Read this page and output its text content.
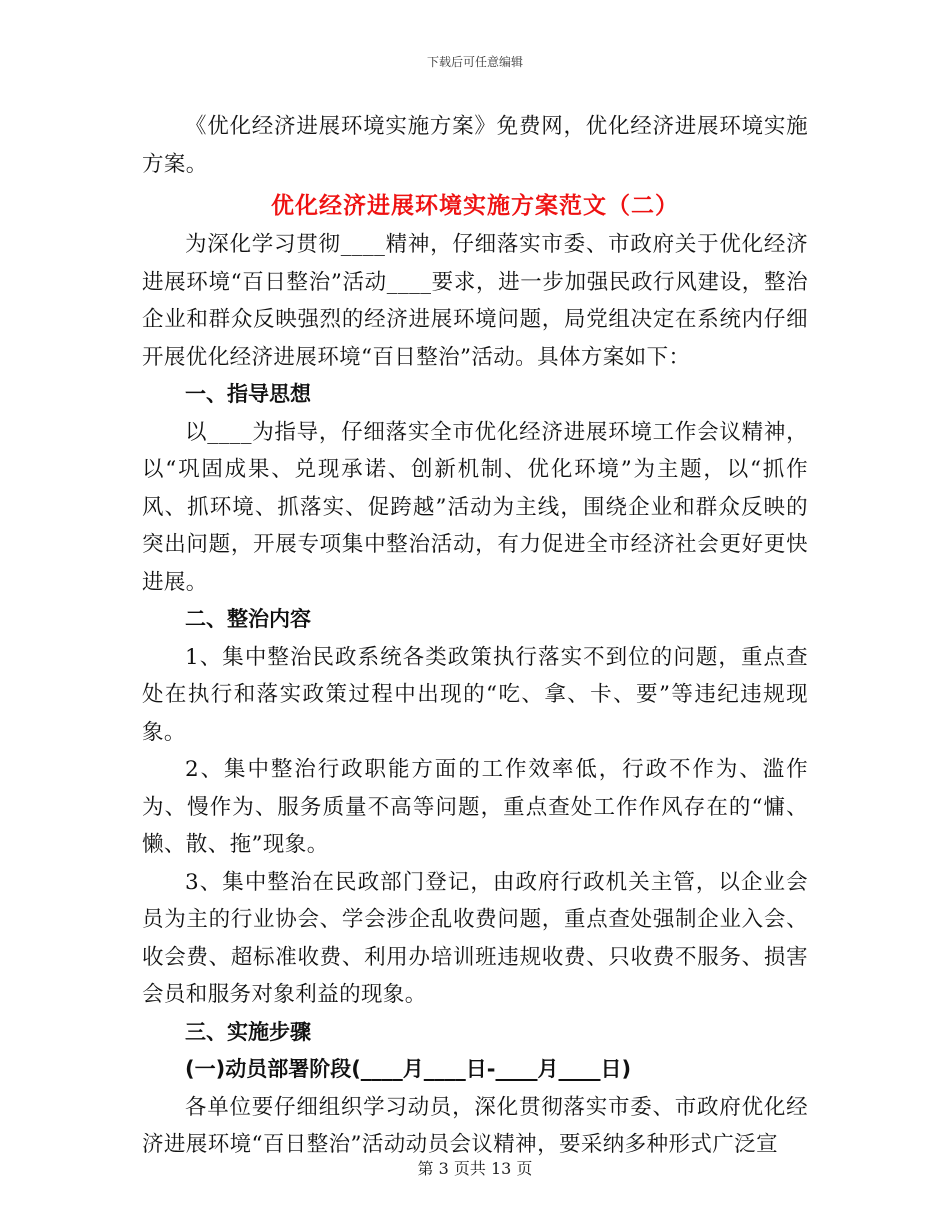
下载后可任意编辑

《优化经济进展环境实施方案》免费网，优化经济进展环境实施方案。

优化经济进展环境实施方案范文（二）

为深化学习贯彻____精神，仔细落实市委、市政府关于优化经济进展环境“百日整治”活动____要求，进一步加强民政行风建设，整治企业和群众反映强烈的经济进展环境问题，局党组决定在系统内仔细开展优化经济进展环境“百日整治”活动。具体方案如下：

一、指导思想

以____为指导，仔细落实全市优化经济进展环境工作会议精神，以“巩固成果、兑现承诺、创新机制、优化环境”为主题，以“抓作风、抓环境、抓落实、促跨越”活动为主线，围绕企业和群众反映的突出问题，开展专项集中整治活动，有力促进全市经济社会更好更快进展。

二、整治内容

1、集中整治民政系统各类政策执行落实不到位的问题，重点查处在执行和落实政策过程中出现的“吃、拿、卡、要”等违纪违规现象。

2、集中整治行政职能方面的工作效率低，行政不作为、滥作为、慢作为、服务质量不高等问题，重点查处工作作风存在的“慵、懒、散、拖”现象。

3、集中整治在民政部门登记，由政府行政机关主管，以企业会员为主的行业协会、学会涉企乱收费问题，重点查处强制企业入会、收会费、超标准收费、利用办培训班违规收费、只收费不服务、损害会员和服务对象利益的现象。

三、实施步骤

(一)动员部署阶段(____月____日-____月____日)

各单位要仔细组织学习动员，深化贯彻落实市委、市政府优化经济进展环境“百日整治”活动动员会议精神，要采纳多种形式广泛宣

第 3 页共 13 页
